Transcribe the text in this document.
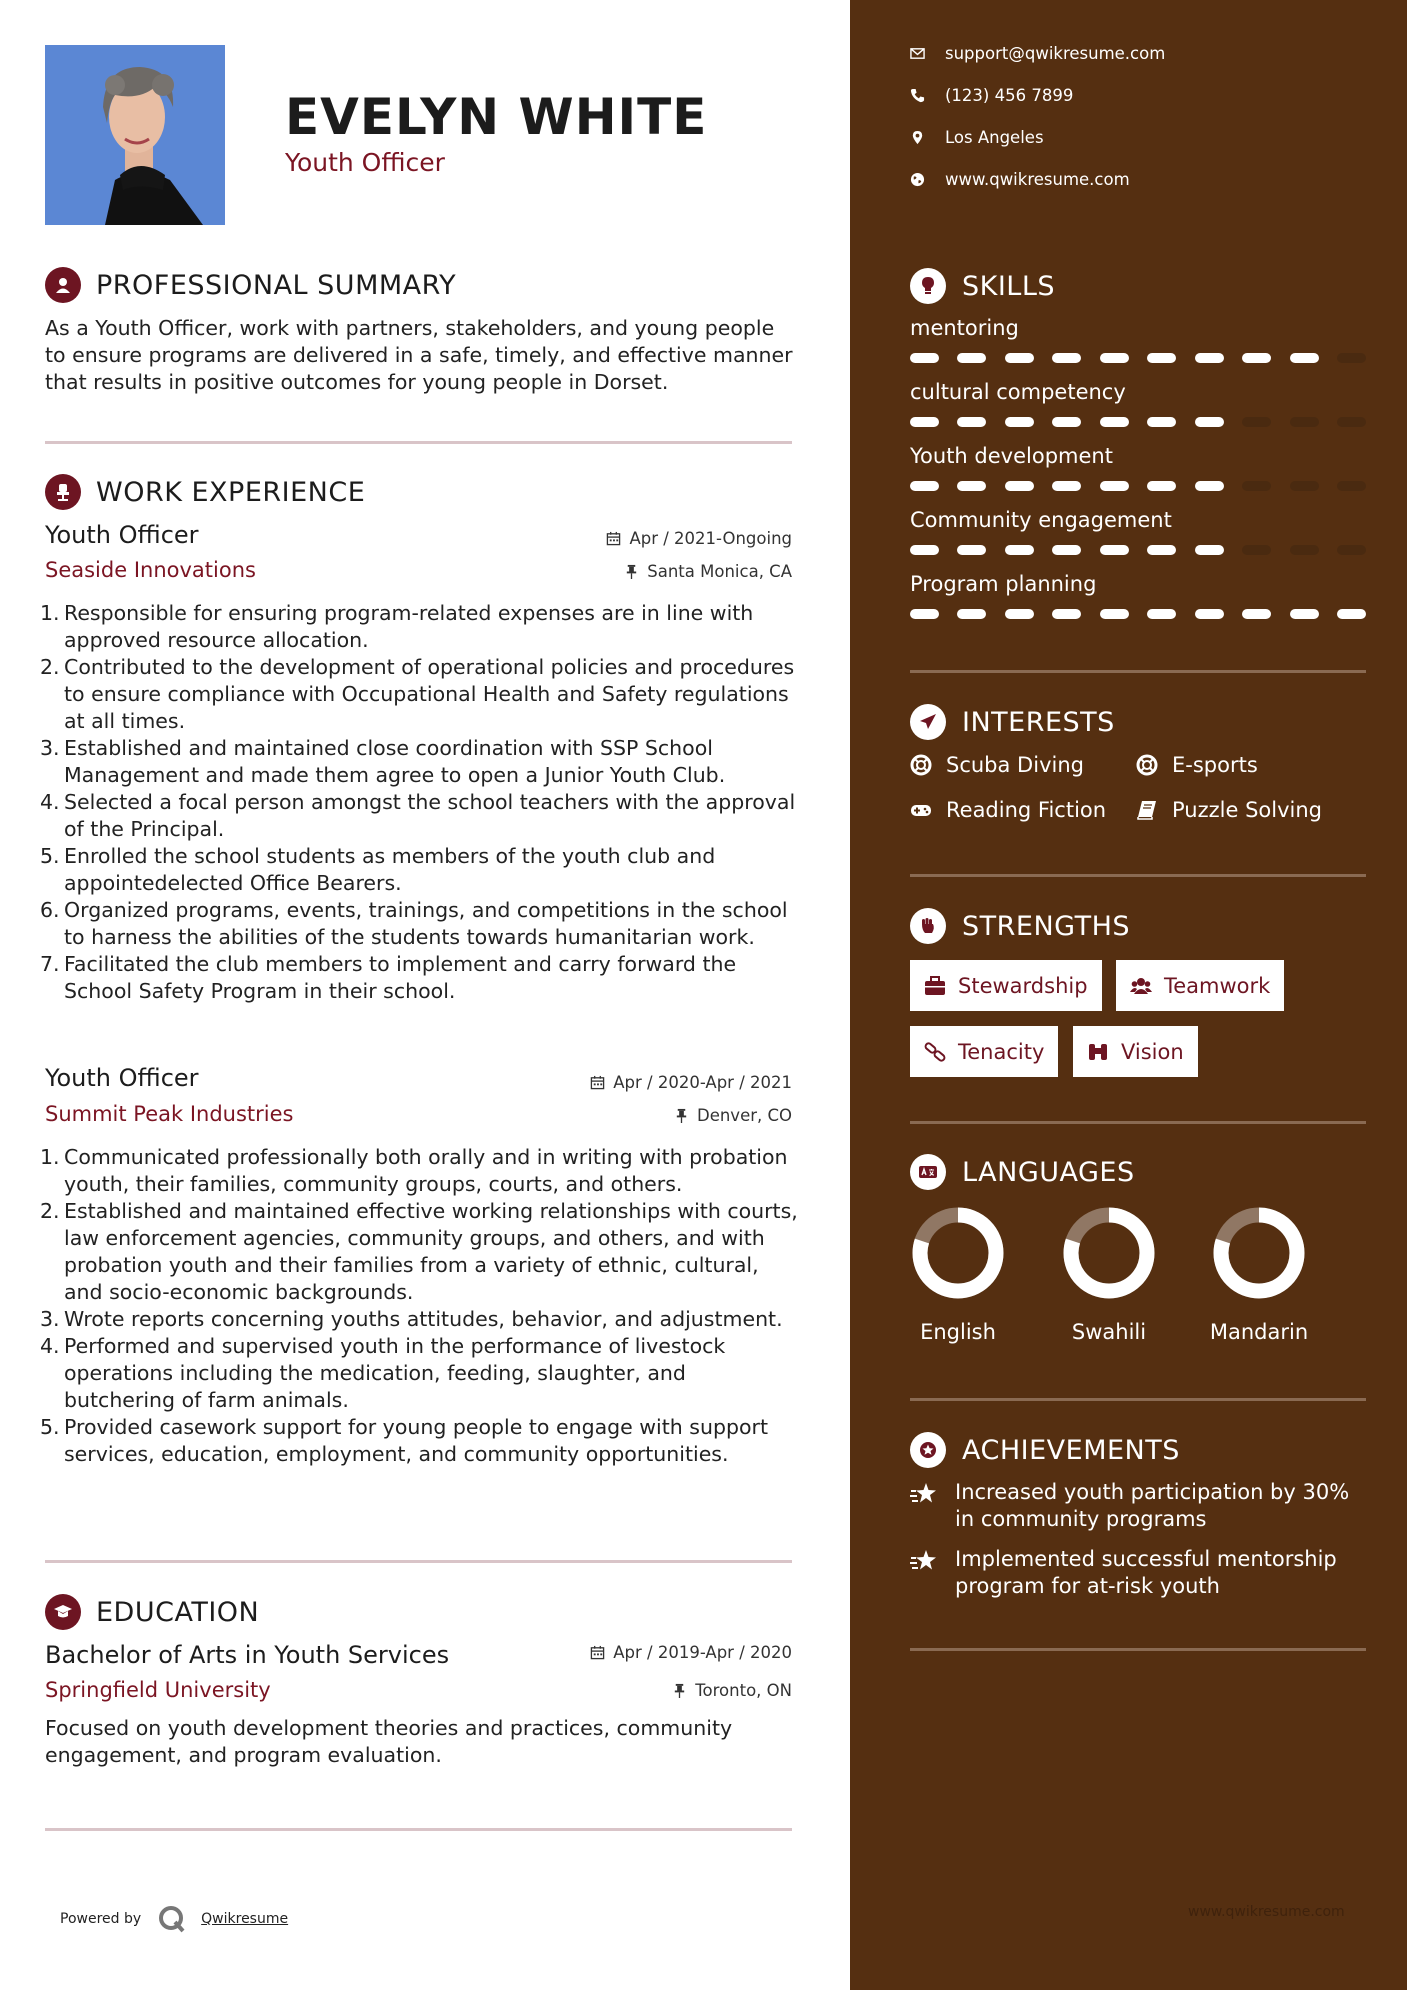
EVELYN WHITE
Youth Officer
PROFESSIONAL SUMMARY
As a Youth Officer, work with partners, stakeholders, and young people to ensure programs are delivered in a safe, timely, and effective manner that results in positive outcomes for young people in Dorset.
WORK EXPERIENCE
Youth Officer	Apr / 2021-Ongoing
Seaside Innovations	Santa Monica, CA
1. Responsible for ensuring program-related expenses are in line with approved resource allocation.
2. Contributed to the development of operational policies and procedures to ensure compliance with Occupational Health and Safety regulations at all times.
3. Established and maintained close coordination with SSP School Management and made them agree to open a Junior Youth Club.
4. Selected a focal person amongst the school teachers with the approval of the Principal.
5. Enrolled the school students as members of the youth club and appointedelected Office Bearers.
6. Organized programs, events, trainings, and competitions in the school to harness the abilities of the students towards humanitarian work.
7. Facilitated the club members to implement and carry forward the School Safety Program in their school.
Youth Officer	Apr / 2020-Apr / 2021
Summit Peak Industries	Denver, CO
1. Communicated professionally both orally and in writing with probation youth, their families, community groups, courts, and others.
2. Established and maintained effective working relationships with courts, law enforcement agencies, community groups, and others, and with probation youth and their families from a variety of ethnic, cultural, and socio-economic backgrounds.
3. Wrote reports concerning youths attitudes, behavior, and adjustment.
4. Performed and supervised youth in the performance of livestock operations including the medication, feeding, slaughter, and butchering of farm animals.
5. Provided casework support for young people to engage with support services, education, employment, and community opportunities.
EDUCATION
Bachelor of Arts in Youth Services	Apr / 2019-Apr / 2020
Springfield University	Toronto, ON
Focused on youth development theories and practices, community engagement, and program evaluation.
Powered by	Qwikresume
support@qwikresume.com
(123) 456 7899
Los Angeles
www.qwikresume.com
SKILLS
mentoring
cultural competency
Youth development
Community engagement
Program planning
INTERESTS
Scuba Diving	E-sports
Reading Fiction	Puzzle Solving
STRENGTHS
Stewardship	Teamwork
Tenacity	Vision
LANGUAGES
English	Swahili	Mandarin
ACHIEVEMENTS
Increased youth participation by 30% in community programs
Implemented successful mentorship program for at-risk youth
www.qwikresume.com
